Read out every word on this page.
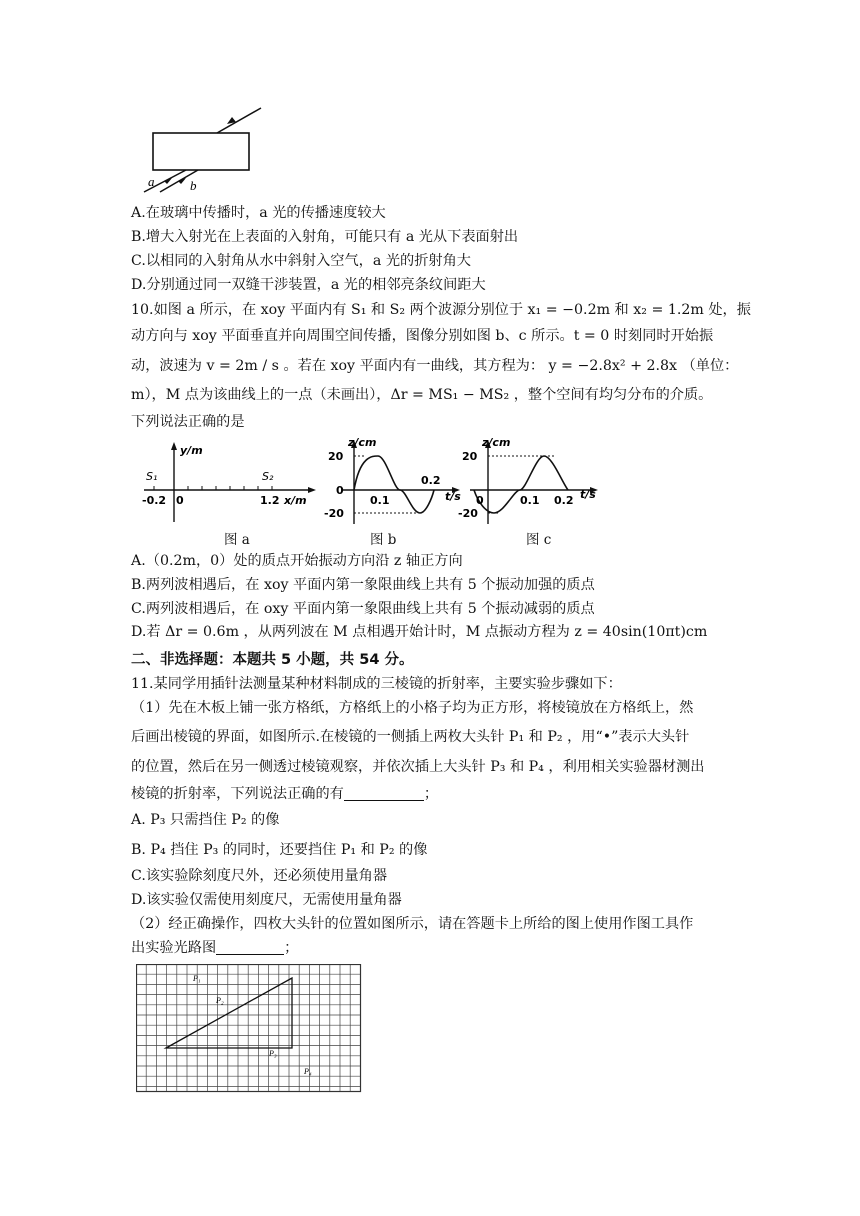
a	b
A.在玻璃中传播时，a 光的传播速度较大
B.增大入射光在上表面的入射角，可能只有 a 光从下表面射出
C.以相同的入射角从水中斜射入空气，a 光的折射角大
D.分别通过同一双缝干涉装置，a 光的相邻亮条纹间距大
10.如图 a 所示，在 xoy 平面内有 S₁ 和 S₂ 两个波源分别位于 x₁ = −0.2m 和 x₂ = 1.2m 处，振
动方向与 xoy 平面垂直并向周围空间传播，图像分别如图 b、c 所示。t = 0 时刻同时开始振
动，波速为 v = 2m / s 。若在 xoy 平面内有一曲线，其方程为： y = −2.8x² + 2.8x （单位：
m），M 点为该曲线上的一点（未画出），Δr = MS₁ − MS₂ ，整个空间有均匀分布的介质。
下列说法正确的是
y/m
S₁	S₂
-0.2 0	1.2 x/m
z/cm
20
-20
0
0.1
0.2
t/s
z/cm
20
-20
0	0.1 0.2 t/s
图 a	图 b	图 c
A.（0.2m，0）处的质点开始振动方向沿 z 轴正方向
B.两列波相遇后，在 xoy 平面内第一象限曲线上共有 5 个振动加强的质点
C.两列波相遇后，在 oxy 平面内第一象限曲线上共有 5 个振动减弱的质点
D.若 Δr = 0.6m ，从两列波在 M 点相遇开始计时，M 点振动方程为 z = 40sin(10πt)cm
二、非选择题：本题共 5 小题，共 54 分。
11.某同学用插针法测量某种材料制成的三棱镜的折射率，主要实验步骤如下：
（1）先在木板上铺一张方格纸，方格纸上的小格子均为正方形，将棱镜放在方格纸上，然
后画出棱镜的界面，如图所示.在棱镜的一侧插上两枚大头针 P₁ 和 P₂ ，用“•”表示大头针
的位置，然后在另一侧透过棱镜观察，并依次插上大头针 P₃ 和 P₄ ，利用相关实验器材测出
棱镜的折射率，下列说法正确的有	；
A. P₃ 只需挡住 P₂ 的像
B. P₄ 挡住 P₃ 的同时，还要挡住 P₁ 和 P₂ 的像
C.该实验除刻度尺外，还必须使用量角器
D.该实验仅需使用刻度尺，无需使用量角器
（2）经正确操作，四枚大头针的位置如图所示，请在答题卡上所给的图上使用作图工具作
出实验光路图	；
P₁
P₂
P₃
P₄
